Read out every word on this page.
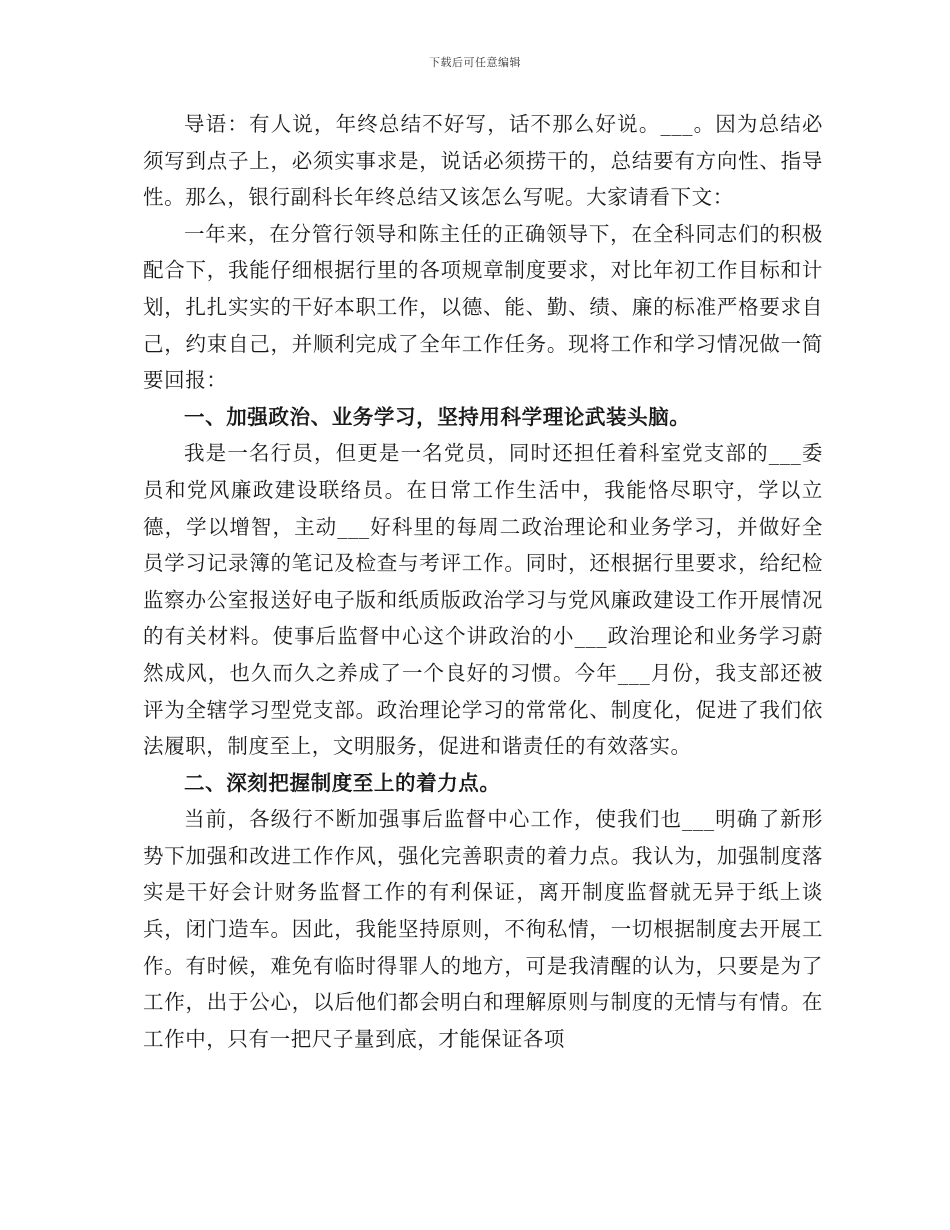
下载后可任意编辑

导语：有人说，年终总结不好写，话不那么好说。___。因为总结必须写到点子上，必须实事求是，说话必须捞干的，总结要有方向性、指导性。那么，银行副科长年终总结又该怎么写呢。大家请看下文：

一年来，在分管行领导和陈主任的正确领导下，在全科同志们的积极配合下，我能仔细根据行里的各项规章制度要求，对比年初工作目标和计划，扎扎实实的干好本职工作，以德、能、勤、绩、廉的标准严格要求自己，约束自己，并顺利完成了全年工作任务。现将工作和学习情况做一简要回报：

一、加强政治、业务学习，坚持用科学理论武装头脑。

我是一名行员，但更是一名党员，同时还担任着科室党支部的___委员和党风廉政建设联络员。在日常工作生活中，我能恪尽职守，学以立德，学以增智，主动___好科里的每周二政治理论和业务学习，并做好全员学习记录簿的笔记及检查与考评工作。同时，还根据行里要求，给纪检监察办公室报送好电子版和纸质版政治学习与党风廉政建设工作开展情况的有关材料。使事后监督中心这个讲政治的小___政治理论和业务学习蔚然成风，也久而久之养成了一个良好的习惯。今年___月份，我支部还被评为全辖学习型党支部。政治理论学习的常常化、制度化，促进了我们依法履职，制度至上，文明服务，促进和谐责任的有效落实。

二、深刻把握制度至上的着力点。

当前，各级行不断加强事后监督中心工作，使我们也___明确了新形势下加强和改进工作作风，强化完善职责的着力点。我认为，加强制度落实是干好会计财务监督工作的有利保证，离开制度监督就无异于纸上谈兵，闭门造车。因此，我能坚持原则，不徇私情，一切根据制度去开展工作。有时候，难免有临时得罪人的地方，可是我清醒的认为，只要是为了工作，出于公心，以后他们都会明白和理解原则与制度的无情与有情。在工作中，只有一把尺子量到底，才能保证各项
